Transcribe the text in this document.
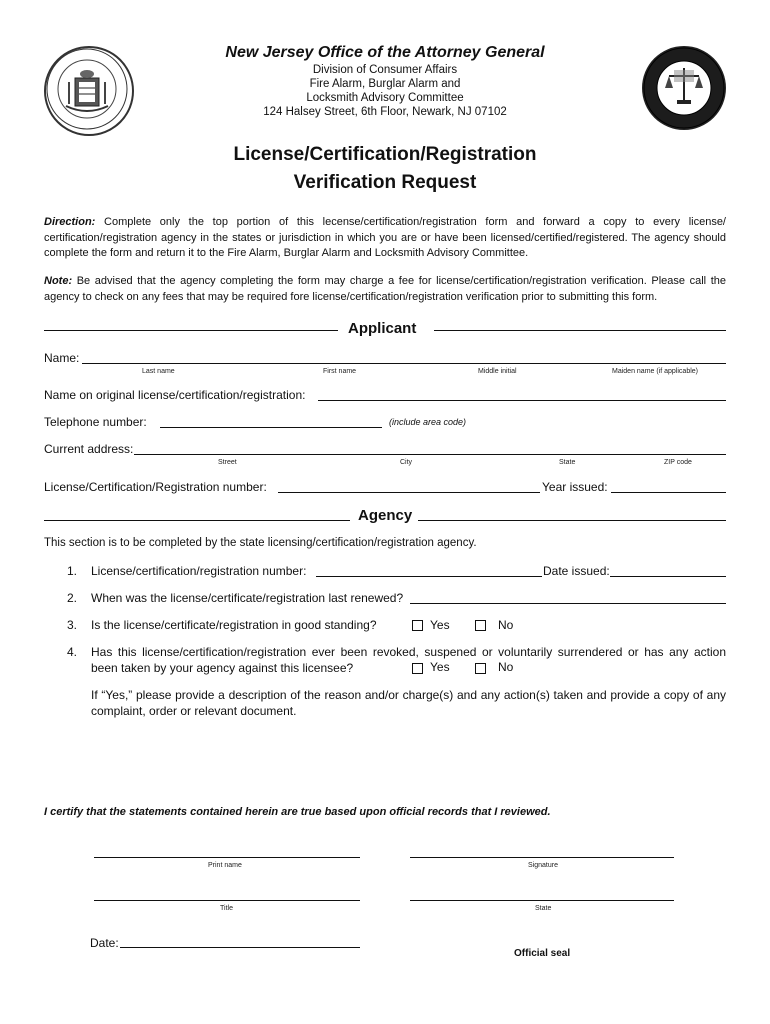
New Jersey Office of the Attorney General
Division of Consumer Affairs
Fire Alarm, Burglar Alarm and
Locksmith Advisory Committee
124 Halsey Street, 6th Floor, Newark, NJ 07102
License/Certification/Registration
Verification Request
Direction: Complete only the top portion of this lecense/certification/registration form and forward a copy to every license/ certification/registration agency in the states or jurisdiction in which you are or have been licensed/certified/registered. The agency should complete the form and return it to the Fire Alarm, Burglar Alarm and Locksmith Advisory Committee.
Note: Be advised that the agency completing the form may charge a fee for license/certification/registration verification. Please call the agency to check on any fees that may be required fore license/certification/registration verification prior to submitting this form.
Applicant
Name:
Last name	First name	Middle initial	Maiden name (if applicable)
Name on original license/certification/registration:
Telephone number:	(include area code)
Current address:
Street	City	State	ZIP code
License/Certification/Registration number:	Year issued:
Agency
This section is to be completed by the state licensing/certification/registration agency.
1. License/certification/registration number:	Date issued:
2. When was the license/certificate/registration last renewed?
3. Is the license/certificate/registration in good standing?	Yes	No
4. Has this license/certification/registration ever been revoked, suspened or voluntarily surrendered or has any action been taken by your agency against this licensee?	Yes	No
If “Yes,” please provide a description of the reason and/or charge(s) and any action(s) taken and provide a copy of any complaint, order or relevant document.
I certify that the statements contained herein are true based upon official records that I reviewed.
Print name	Signature
Title	State
Date:
Official seal
